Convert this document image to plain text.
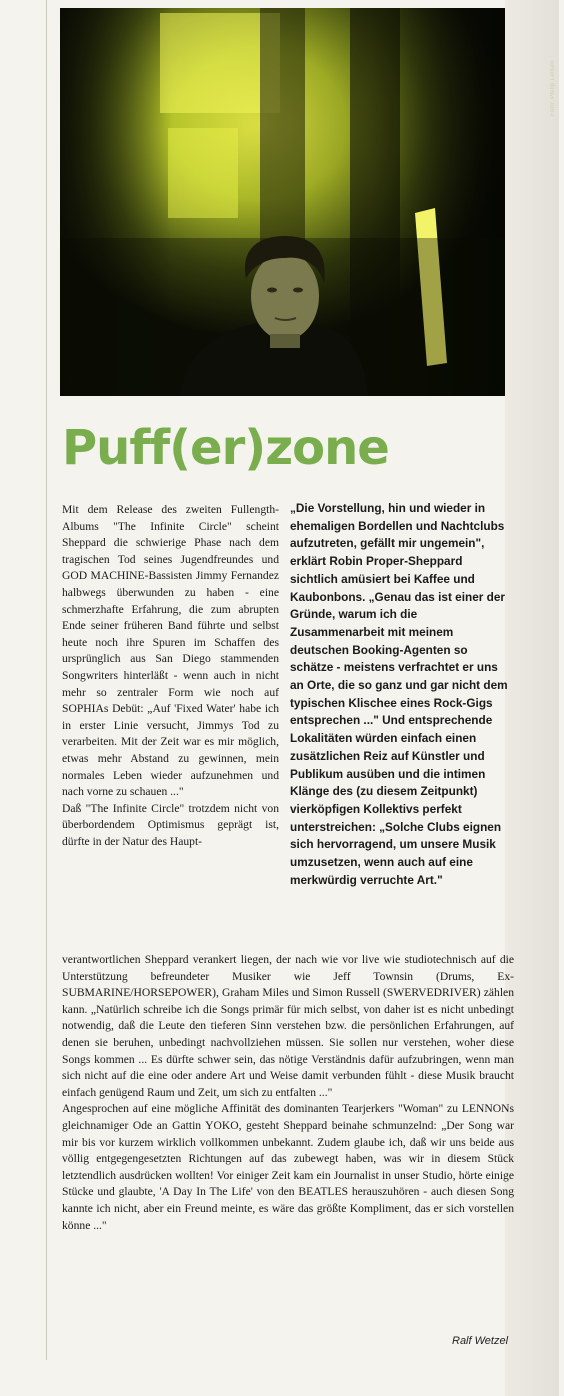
Foto: Philip Leißen
Puff(er)zone

Mit dem Release des zweiten Fullength-Albums "The Infinite Circle" scheint Sheppard die schwierige Phase nach dem tragischen Tod seines Jugendfreundes und GOD MACHINE-Bassisten Jimmy Fernandez halbwegs überwunden zu haben - eine schmerzhafte Erfahrung, die zum abrupten Ende seiner früheren Band führte und selbst heute noch ihre Spuren im Schaffen des ursprünglich aus San Diego stammenden Songwriters hinterläßt - wenn auch in nicht mehr so zentraler Form wie noch auf SOPHIAs Debüt: „Auf 'Fixed Water' habe ich in erster Linie versucht, Jimmys Tod zu verarbeiten. Mit der Zeit war es mir möglich, etwas mehr Abstand zu gewinnen, mein normales Leben wieder aufzunehmen und nach vorne zu schauen ..."

Daß "The Infinite Circle" trotzdem nicht von überbordendem Optimismus geprägt ist, dürfte in der Natur des Haupt-

„Die Vorstellung, hin und wieder in ehemaligen Bordellen und Nachtclubs aufzutreten, gefällt mir ungemein", erklärt Robin Proper-Sheppard sichtlich amüsiert bei Kaffee und Kaubonbons. „Genau das ist einer der Gründe, warum ich die Zusammenarbeit mit meinem deutschen Booking-Agenten so schätze - meistens verfrachtet er uns an Orte, die so ganz und gar nicht dem typischen Klischee eines Rock-Gigs entsprechen ..." Und entsprechende Lokalitäten würden einfach einen zusätzlichen Reiz auf Künstler und Publikum ausüben und die intimen Klänge des (zu diesem Zeitpunkt) vierköpfigen Kollektivs perfekt unterstreichen: „Solche Clubs eignen sich hervorragend, um unsere Musik umzusetzen, wenn auch auf eine merkwürdig verruchte Art."

verantwortlichen Sheppard verankert liegen, der nach wie vor live wie studiotechnisch auf die Unterstützung befreundeter Musiker wie Jeff Townsin (Drums, Ex-SUBMARINE/HORSEPOWER), Graham Miles und Simon Russell (SWERVEDRIVER) zählen kann. „Natürlich schreibe ich die Songs primär für mich selbst, von daher ist es nicht unbedingt notwendig, daß die Leute den tieferen Sinn verstehen bzw. die persönlichen Erfahrungen, auf denen sie beruhen, unbedingt nachvollziehen müssen. Sie sollen nur verstehen, woher diese Songs kommen ... Es dürfte schwer sein, das nötige Verständnis dafür aufzubringen, wenn man sich nicht auf die eine oder andere Art und Weise damit verbunden fühlt - diese Musik braucht einfach genügend Raum und Zeit, um sich zu entfalten ..."

Angesprochen auf eine mögliche Affinität des dominanten Tearjerkers "Woman" zu LENNONs gleichnamiger Ode an Gattin YOKO, gesteht Sheppard beinahe schmunzelnd: „Der Song war mir bis vor kurzem wirklich vollkommen unbekannt. Zudem glaube ich, daß wir uns beide aus völlig entgegengesetzten Richtungen auf das zubewegt haben, was wir in diesem Stück letztendlich ausdrücken wollten! Vor einiger Zeit kam ein Journalist in unser Studio, hörte einige Stücke und glaubte, 'A Day In The Life' von den BEATLES herauszuhören - auch diesen Song kannte ich nicht, aber ein Freund meinte, es wäre das größte Kompliment, das er sich vorstellen könne ..."

Ralf Wetzel
